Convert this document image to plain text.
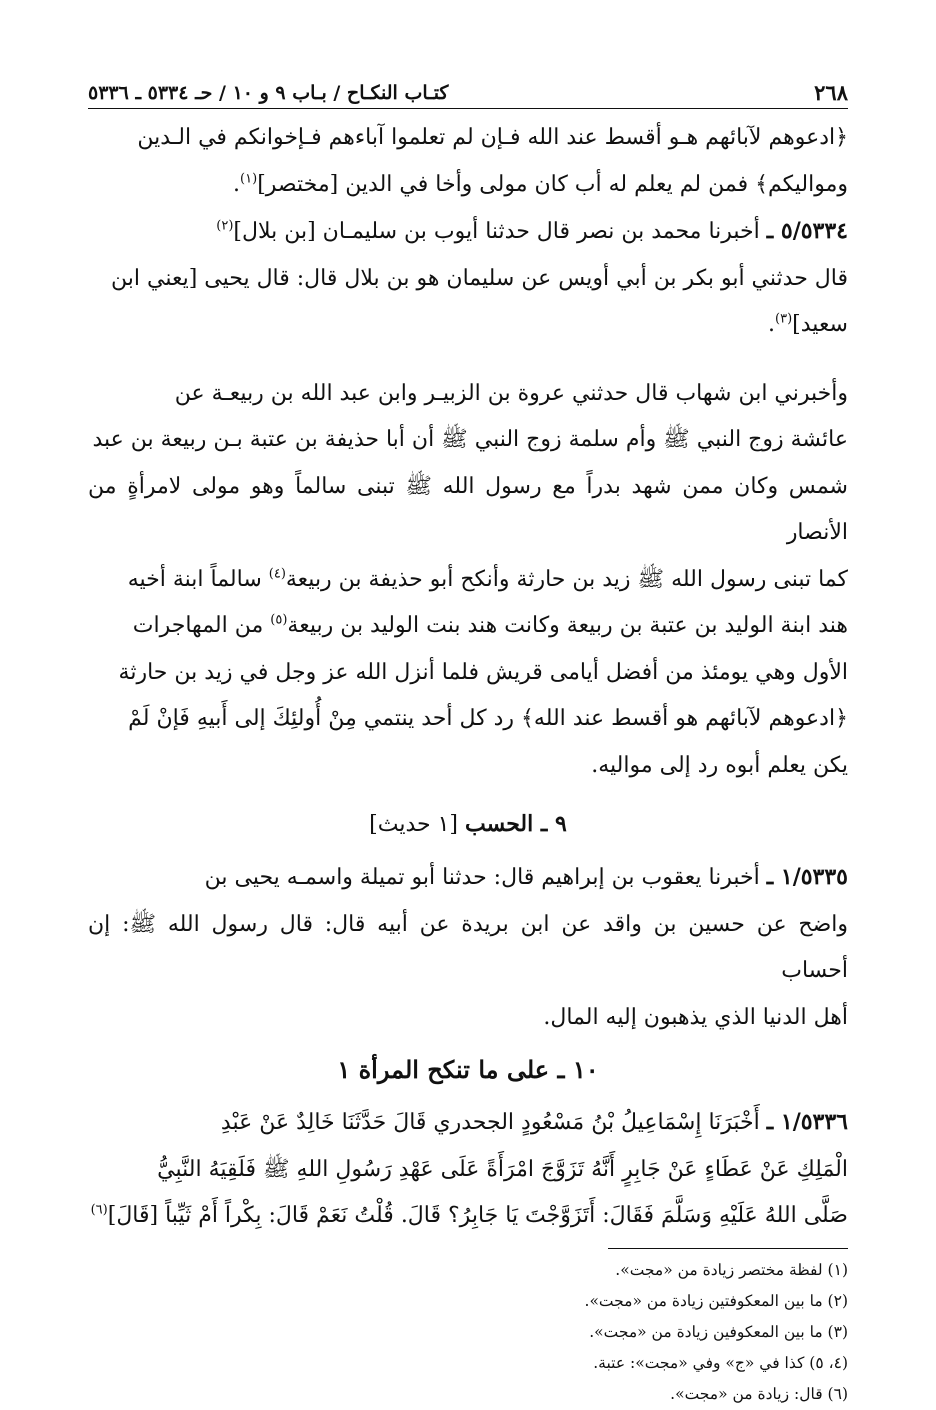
٢٦٨
كتـاب النكـاح / بـاب ٩ و ١٠ / حـ ٥٣٣٤ ـ ٥٣٣٦

﴿ادعوهم لآبائهم هـو أقسط عند الله فـإن لم تعلموا آباءهم فـإخوانكم في الـدين
ومواليكم﴾ فمن لم يعلم له أب كان مولى وأخا في الدين [مختصر]$^{(١)}$.

٥/٥٣٣٤ ـ أخبرنا محمد بن نصر قال حدثنا أيوب بن سليمـان [بن بلال]$^{(٢)}$
قال حدثني أبو بكر بن أبي أويس عن سليمان هو بن بلال قال: قال يحيى [يعني ابن
سعيد]$^{(٣)}$.

وأخبرني ابن شهاب قال حدثني عروة بن الزبيـر وابن عبد الله بن ربيعـة عن
عائشة زوج النبي ﷺ وأم سلمة زوج النبي ﷺ أن أبا حذيفة بن عتبة بـن ربيعة بن عبد
شمس وكان ممن شهد بدراً مع رسول الله ﷺ تبنى سالماً وهو مولى لامرأةٍ من الأنصار
كما تبنى رسول الله ﷺ زيد بن حارثة وأنكح أبو حذيفة بن ربيعة$^{(٤)}$ سالماً ابنة أخيه
هند ابنة الوليد بن عتبة بن ربيعة وكانت هند بنت الوليد بن ربيعة$^{(٥)}$ من المهاجرات
الأول وهي يومئذ من أفضل أيامى قريش فلما أنزل الله عز وجل في زيد بن حارثة
﴿ادعوهم لآبائهم هو أقسط عند الله﴾ رد كل أحد ينتمي مِنْ أُولئِكَ إلى أَبيهِ فَإنْ لَمْ
يكن يعلم أبوه رد إلى مواليه.

٩ ـ الحسب [١ حديث]

١/٥٣٣٥ ـ أخبرنا يعقوب بن إبراهيم قال: حدثنا أبو تميلة واسمـه يحيى بن
واضح عن حسين بن واقد عن ابن بريدة عن أبيه قال: قال رسول الله ﷺ: إن أحساب
أهل الدنيا الذي يذهبون إليه المال.

١٠ ـ على ما تنكح المرأة ١

١/٥٣٣٦ ـ أَخْبَرَنَا إِسْمَاعِيلُ بْنُ مَسْعُودٍ الجحدري قَالَ حَدَّثَنَا خَالِدٌ عَنْ عَبْدِ
الْمَلِكِ عَنْ عَطَاءٍ عَنْ جَابِرٍ أَنَّهُ تَزَوَّجَ امْرَأَةً عَلَى عَهْدِ رَسُولِ اللهِ ﷺ فَلَقِيَهُ النَّبِيُّ
صَلَّى اللهُ عَلَيْهِ وَسَلَّمَ فَقَالَ: أَتَزَوَّجْتَ يَا جَابِرُ؟ قَالَ. قُلْتُ نَعَمْ قَالَ: بِكْراً أَمْ ثَيِّباً [قَالَ]$^{(٦)}$

(١) لفظة مختصر زيادة من «مجت».
(٢) ما بين المعكوفتين زيادة من «مجت».
(٣) ما بين المعكوفين زيادة من «مجت».
(٤، ٥) كذا في «ج» وفي «مجت»: عتبة.
(٦) قال: زيادة من «مجت».
